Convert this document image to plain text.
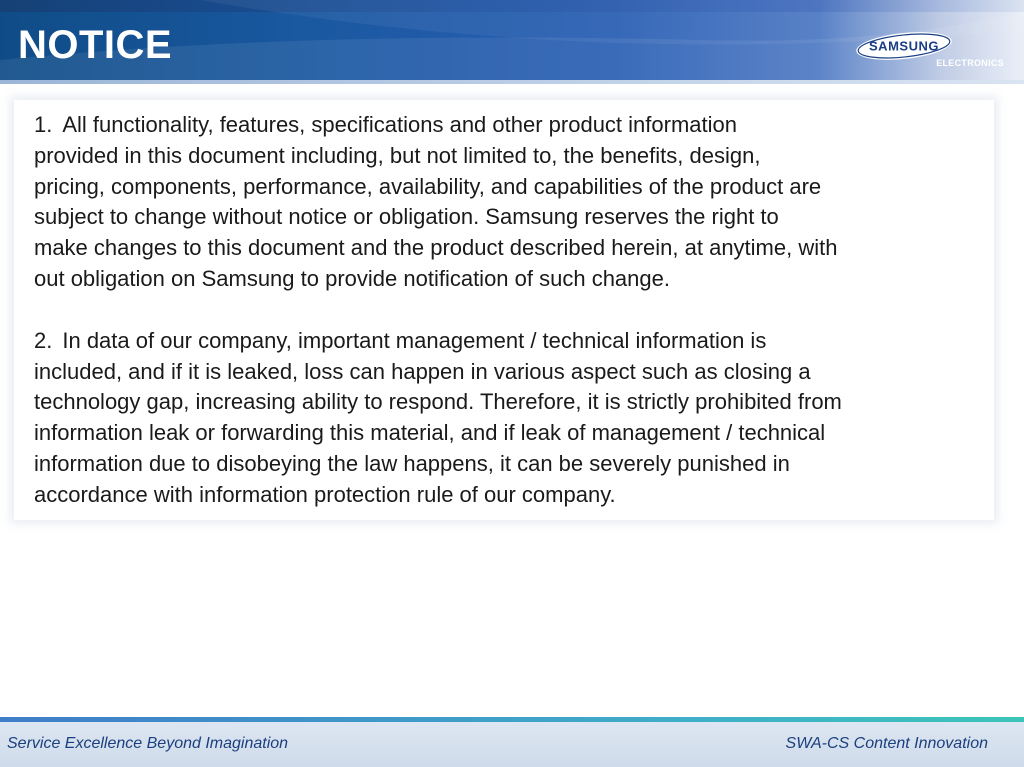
NOTICE	SAMSUNG
ELECTRONICS

1. All functionality, features, specifications and other product information
provided in this document including, but not limited to, the benefits, design,
pricing, components, performance, availability, and capabilities of the product are
subject to change without notice or obligation. Samsung reserves the right to
make changes to this document and the product described herein, at anytime, with
out obligation on Samsung to provide notification of such change.

2. In data of our company, important management / technical information is
included, and if it is leaked, loss can happen in various aspect such as closing a
technology gap, increasing ability to respond. Therefore, it is strictly prohibited from
information leak or forwarding this material, and if leak of management / technical
information due to disobeying the law happens, it can be severely punished in
accordance with information protection rule of our company.

Service Excellence Beyond Imagination	SWA-CS Content Innovation
